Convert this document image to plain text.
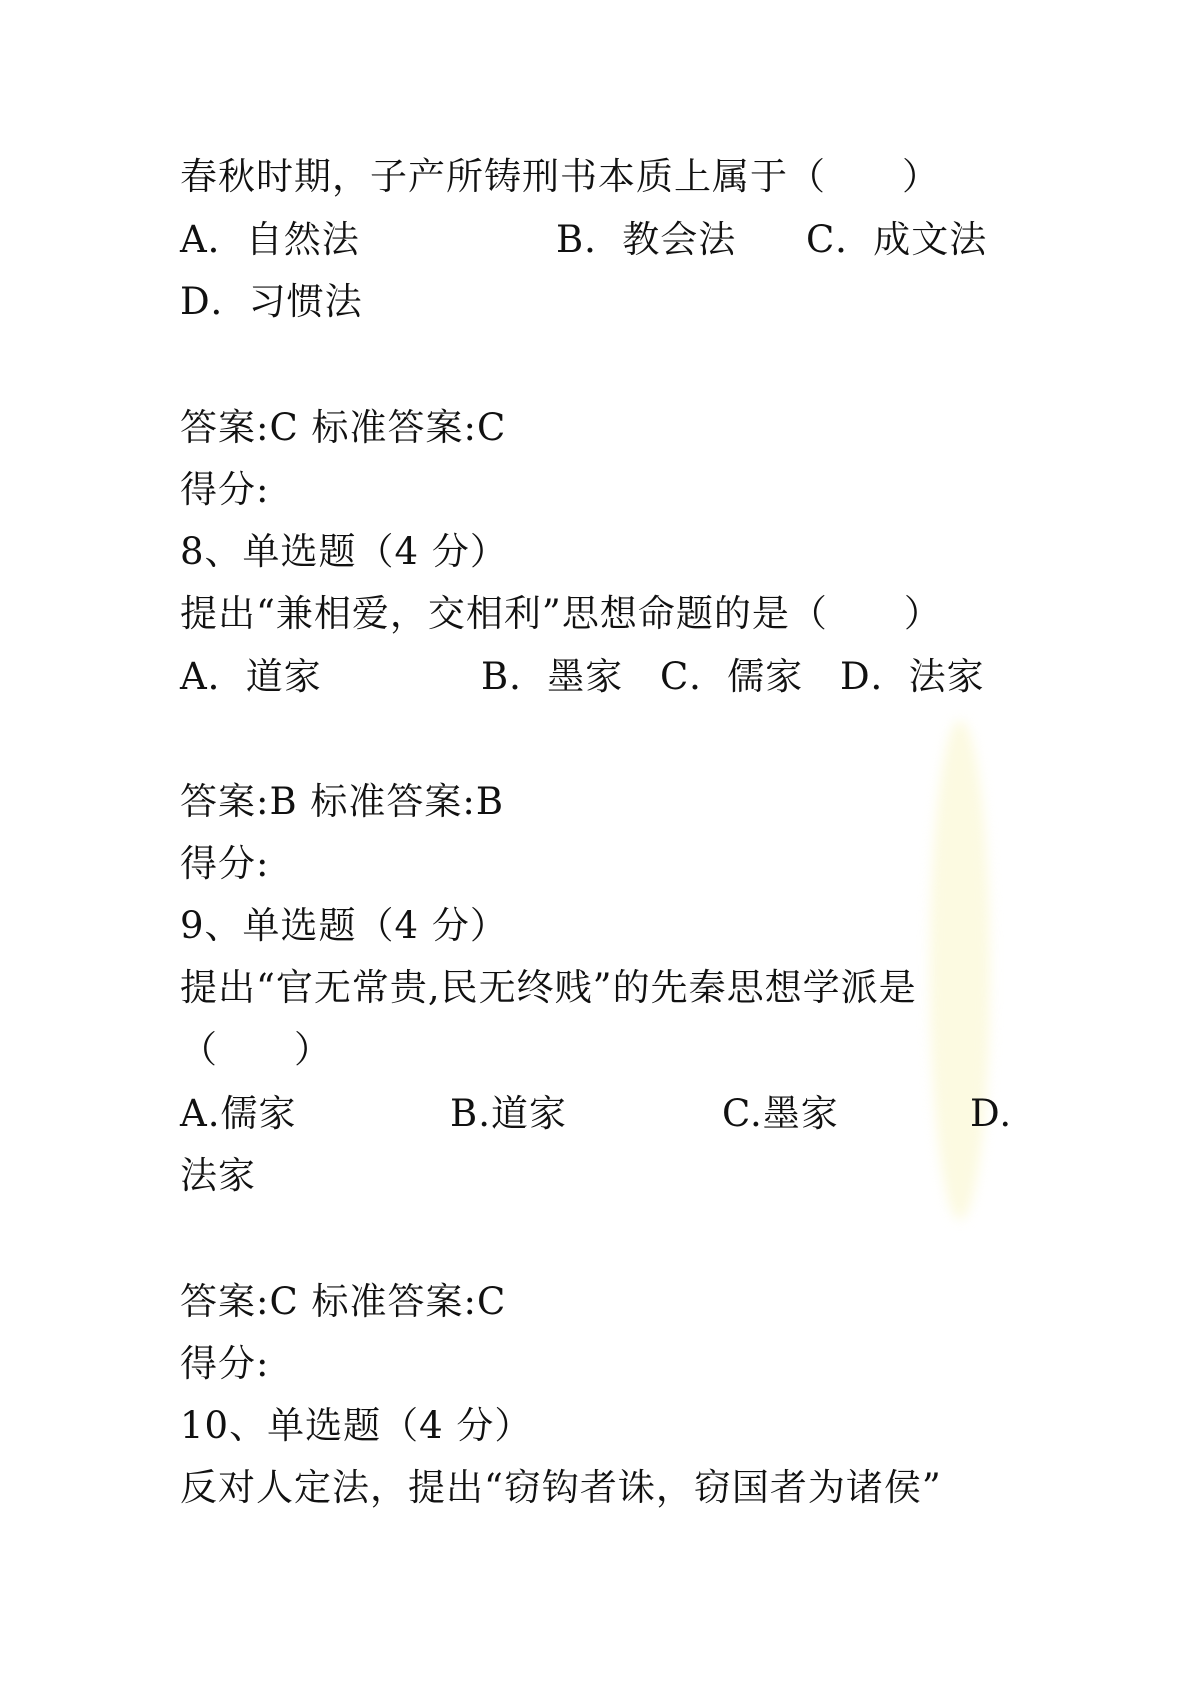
春秋时期，子产所铸刑书本质上属于（　　）
A．自然法	B．教会法 C．成文法
D．习惯法
答案:C 标准答案:C
得分:
8、单选题（4 分）
提出“兼相爱，交相利”思想命题的是（　　）
A．道家	B．墨家 C．儒家 D．法家
答案:B 标准答案:B
得分:
9、单选题（4 分）
提出“官无常贵,民无终贱”的先秦思想学派是
（　　）
A.儒家	B.道家	C.墨家	D.
法家
答案:C 标准答案:C
得分:
10、单选题（4 分）
反对人定法，提出“窃钩者诛，窃国者为诸侯”
